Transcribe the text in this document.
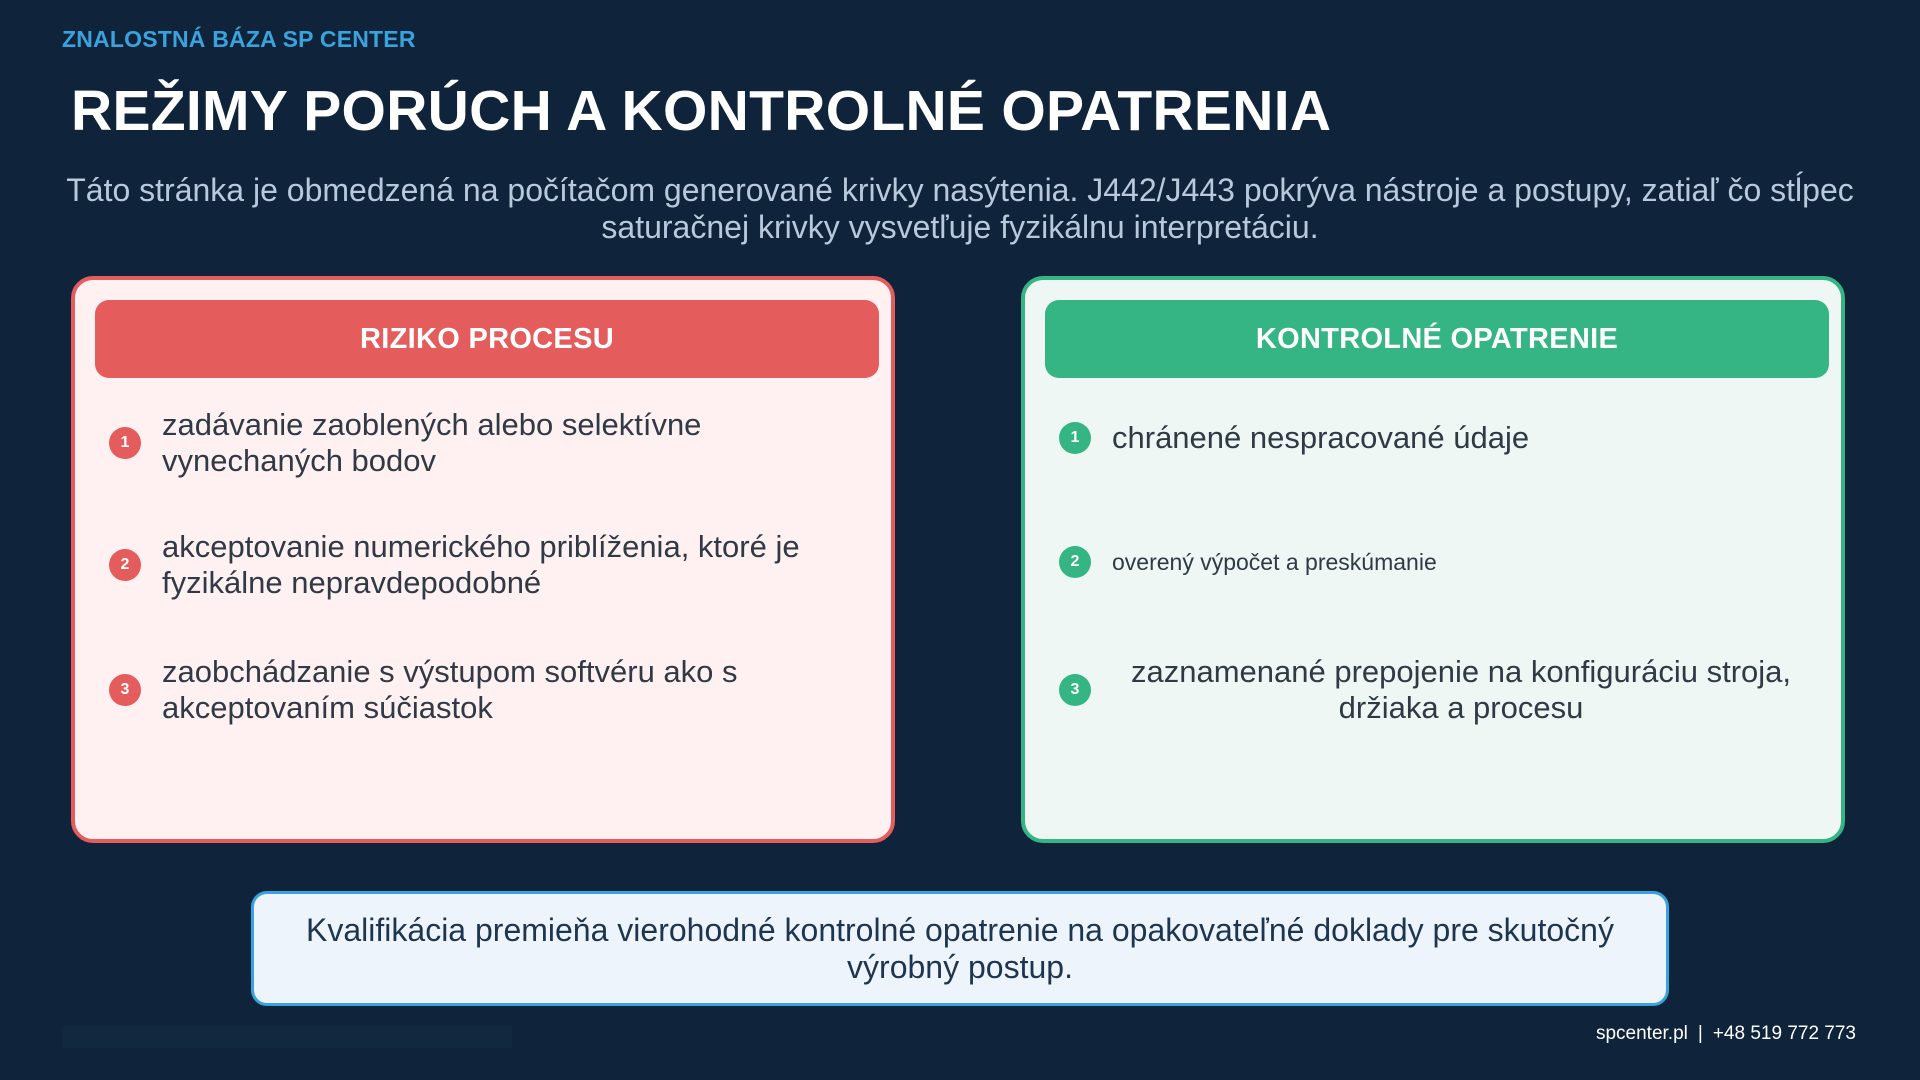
ZNALOSTNÁ BÁZA SP CENTER
REŽIMY PORÚCH A KONTROLNÉ OPATRENIA
Táto stránka je obmedzená na počítačom generované krivky nasýtenia. J442/J443 pokrýva nástroje a postupy, zatiaľ čo stĺpec saturačnej krivky vysvetľuje fyzikálnu interpretáciu.
RIZIKO PROCESU
1
zadávanie zaoblených alebo selektívne vynechaných bodov
2
akceptovanie numerického priblíženia, ktoré je fyzikálne nepravdepodobné
3
zaobchádzanie s výstupom softvéru ako s akceptovaním súčiastok
KONTROLNÉ OPATRENIE
1	chránené nespracované údaje
2	overený výpočet a preskúmanie
3
zaznamenané prepojenie na konfiguráciu stroja, držiaka a procesu
Kvalifikácia premieňa vierohodné kontrolné opatrenie na opakovateľné doklady pre skutočný výrobný postup.
spcenter.pl | +48 519 772 773
